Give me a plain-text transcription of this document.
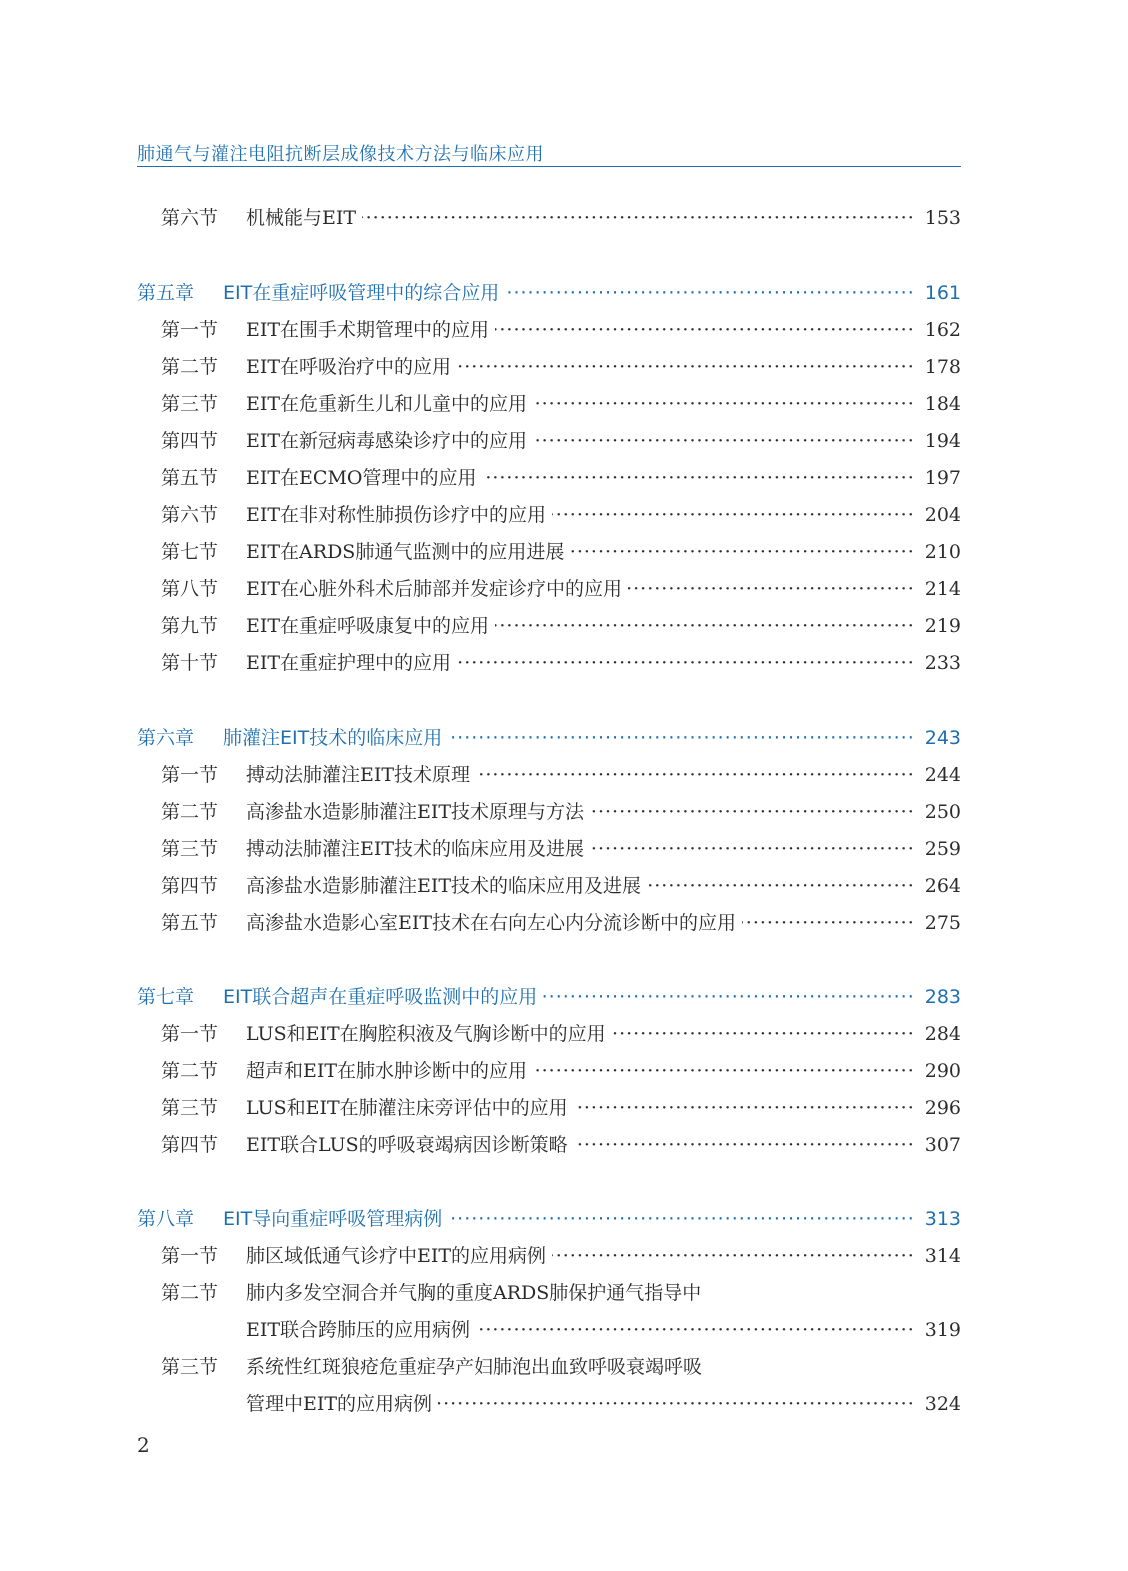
肺通气与灌注电阻抗断层成像技术方法与临床应用
第六节 机械能与EIT ·····	153
第五章 EIT在重症呼吸管理中的综合应用 ·····	161
第一节 EIT在围手术期管理中的应用 ·····	162
第二节 EIT在呼吸治疗中的应用 ·····	178
第三节 EIT在危重新生儿和儿童中的应用 ·····	184
第四节 EIT在新冠病毒感染诊疗中的应用 ·····	194
第五节 EIT在ECMO管理中的应用 ·····	197
第六节 EIT在非对称性肺损伤诊疗中的应用 ·····	204
第七节 EIT在ARDS肺通气监测中的应用进展 ·····	210
第八节 EIT在心脏外科术后肺部并发症诊疗中的应用 ·····	214
第九节 EIT在重症呼吸康复中的应用 ·····	219
第十节 EIT在重症护理中的应用 ·····	233
第六章 肺灌注EIT技术的临床应用 ·····	243
第一节 搏动法肺灌注EIT技术原理 ·····	244
第二节 高渗盐水造影肺灌注EIT技术原理与方法 ·····	250
第三节 搏动法肺灌注EIT技术的临床应用及进展 ·····	259
第四节 高渗盐水造影肺灌注EIT技术的临床应用及进展 ·····	264
第五节 高渗盐水造影心室EIT技术在右向左心内分流诊断中的应用 ·····	275
第七章 EIT联合超声在重症呼吸监测中的应用 ·····	283
第一节 LUS和EIT在胸腔积液及气胸诊断中的应用 ·····	284
第二节 超声和EIT在肺水肿诊断中的应用 ·····	290
第三节 LUS和EIT在肺灌注床旁评估中的应用 ·····	296
第四节 EIT联合LUS的呼吸衰竭病因诊断策略 ·····	307
第八章 EIT导向重症呼吸管理病例 ·····	313
第一节 肺区域低通气诊疗中EIT的应用病例 ·····	314
第二节 肺内多发空洞合并气胸的重度ARDS肺保护通气指导中
EIT联合跨肺压的应用病例 ·····	319
第三节 系统性红斑狼疮危重症孕产妇肺泡出血致呼吸衰竭呼吸
管理中EIT的应用病例 ·····	324
2
